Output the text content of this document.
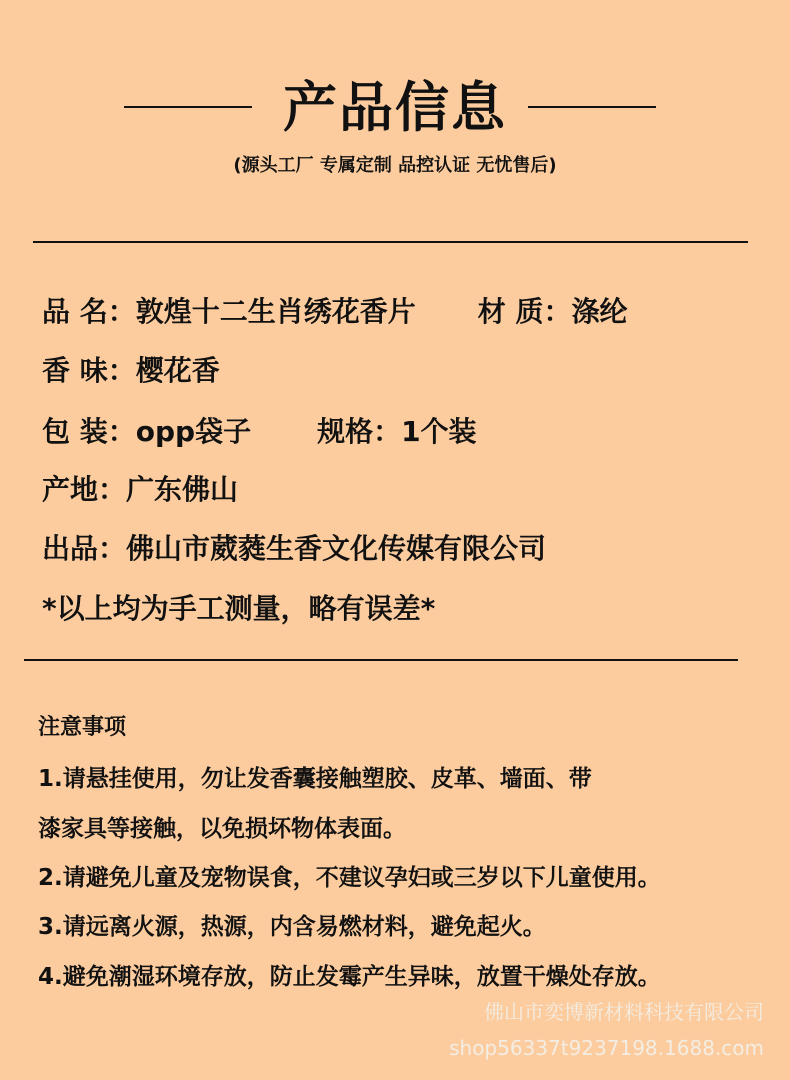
产品信息
(源头工厂 专属定制 品控认证 无忧售后)
品 名：敦煌十二生肖绣花香片 材 质：涤纶
香 味：樱花香
包 装：opp袋子 规格：1个装
产地：广东佛山
出品：佛山市葳蕤生香文化传媒有限公司
*以上均为手工测量，略有误差*
注意事项
1.请悬挂使用，勿让发香囊接触塑胶、皮革、墙面、带
漆家具等接触，以免损坏物体表面。
2.请避免儿童及宠物误食，不建议孕妇或三岁以下儿童使用。
3.请远离火源，热源，内含易燃材料，避免起火。
4.避免潮湿环境存放，防止发霉产生异味，放置干燥处存放。
佛山市奕博新材料科技有限公司
shop56337t9237198.1688.com
